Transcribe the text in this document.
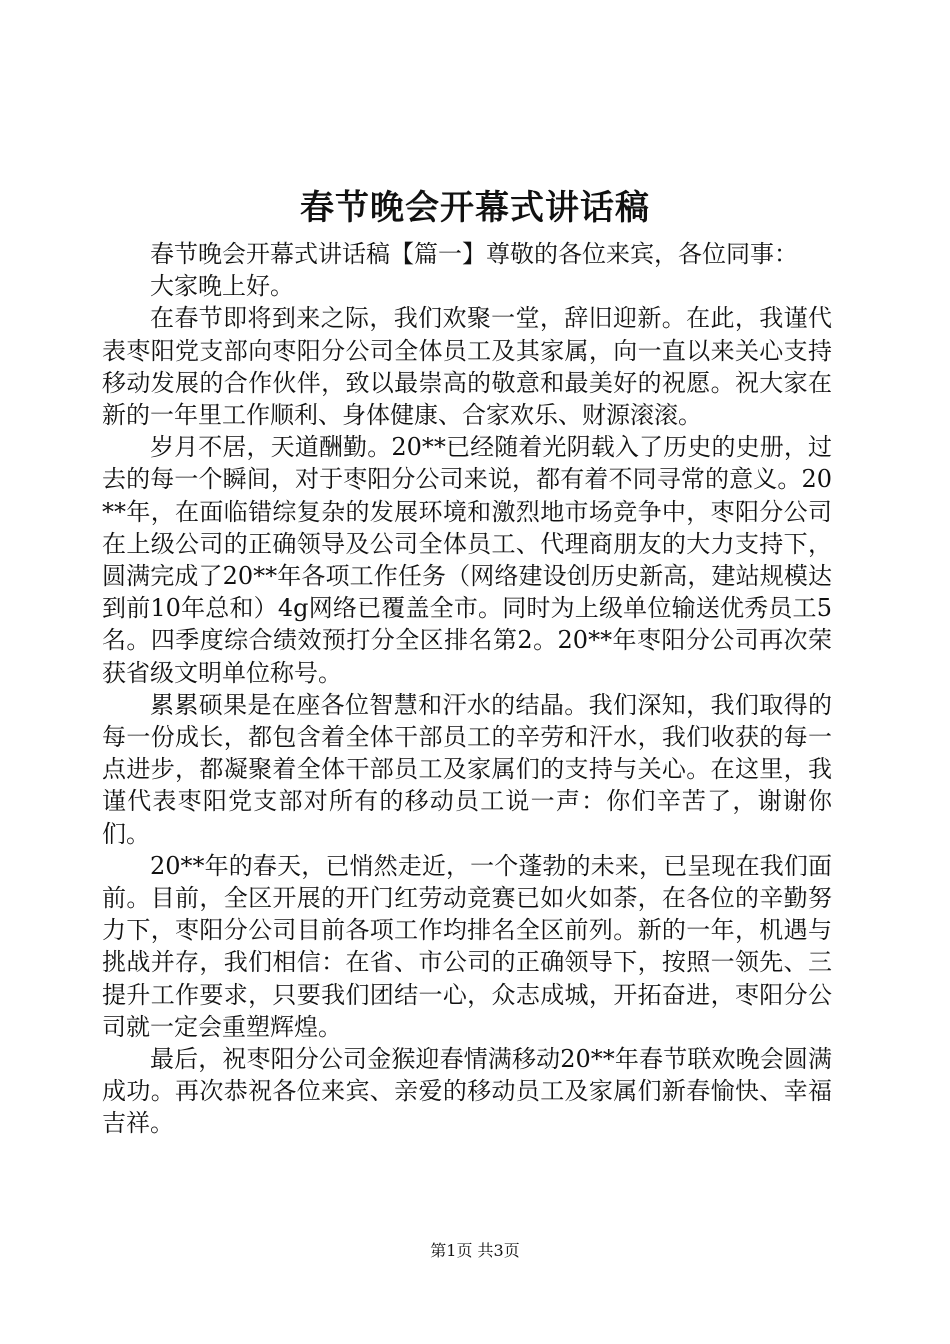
春节晚会开幕式讲话稿

春节晚会开幕式讲话稿【篇一】尊敬的各位来宾，各位同事：

大家晚上好。

在春节即将到来之际，我们欢聚一堂，辞旧迎新。在此，我谨代表枣阳党支部向枣阳分公司全体员工及其家属，向一直以来关心支持移动发展的合作伙伴，致以最崇高的敬意和最美好的祝愿。祝大家在新的一年里工作顺利、身体健康、合家欢乐、财源滚滚。

岁月不居，天道酬勤。20**已经随着光阴载入了历史的史册，过去的每一个瞬间，对于枣阳分公司来说，都有着不同寻常的意义。20**年，在面临错综复杂的发展环境和激烈地市场竞争中，枣阳分公司在上级公司的正确领导及公司全体员工、代理商朋友的大力支持下，圆满完成了20**年各项工作任务（网络建设创历史新高，建站规模达到前10年总和）4g网络已覆盖全市。同时为上级单位输送优秀员工5名。四季度综合绩效预打分全区排名第2。20**年枣阳分公司再次荣获省级文明单位称号。

累累硕果是在座各位智慧和汗水的结晶。我们深知，我们取得的每一份成长，都包含着全体干部员工的辛劳和汗水，我们收获的每一点进步，都凝聚着全体干部员工及家属们的支持与关心。在这里，我谨代表枣阳党支部对所有的移动员工说一声：你们辛苦了，谢谢你们。

20**年的春天，已悄然走近，一个蓬勃的未来，已呈现在我们面前。目前，全区开展的开门红劳动竞赛已如火如荼，在各位的辛勤努力下，枣阳分公司目前各项工作均排名全区前列。新的一年，机遇与挑战并存，我们相信：在省、市公司的正确领导下，按照一领先、三提升工作要求，只要我们团结一心，众志成城，开拓奋进，枣阳分公司就一定会重塑辉煌。

最后，祝枣阳分公司金猴迎春情满移动20**年春节联欢晚会圆满成功。再次恭祝各位来宾、亲爱的移动员工及家属们新春愉快、幸福吉祥。

第1页 共3页
